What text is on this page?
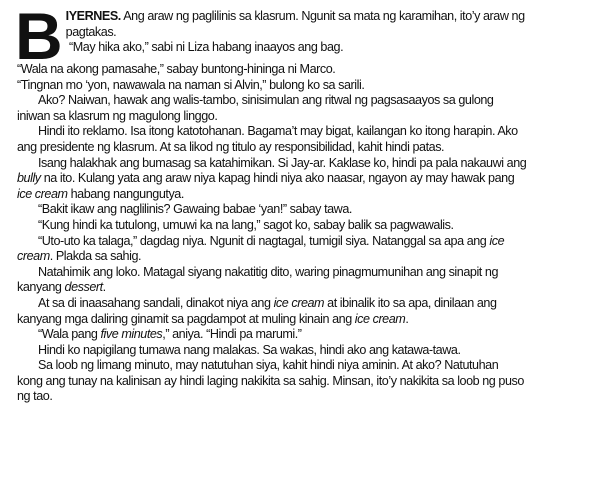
B IYERNES. Ang araw ng paglilinis sa klasrum. Ngunit sa mata ng karamihan, ito’y araw ng

pagtakas.

“May hika ako,” sabi ni Liza habang inaayos ang bag.

“Wala na akong pamasahe,” sabay buntong-hininga ni Marco.

“Tingnan mo ‘yon, nawawala na naman si Alvin,” bulong ko sa sarili.

Ako? Naiwan, hawak ang walis-tambo, sinisimulan ang ritwal ng pagsasaayos sa gulong

iniwan sa klasrum ng magulong linggo.

Hindi ito reklamo. Isa itong katotohanan. Bagama’t may bigat, kailangan ko itong harapin. Ako

ang presidente ng klasrum. At sa likod ng titulo ay responsibilidad, kahit hindi patas.

Isang halakhak ang bumasag sa katahimikan. Si Jay-ar. Kaklase ko, hindi pa pala nakauwi ang

bully na ito. Kulang yata ang araw niya kapag hindi niya ako naasar, ngayon ay may hawak pang

ice cream habang nangungutya.

“Bakit ikaw ang naglilinis? Gawaing babae ‘yan!” sabay tawa.

“Kung hindi ka tutulong, umuwi ka na lang,” sagot ko, sabay balik sa pagwawalis.

“Uto-uto ka talaga,” dagdag niya. Ngunit di nagtagal, tumigil siya. Natanggal sa apa ang ice

cream. Plakda sa sahig.

Natahimik ang loko. Matagal siyang nakatitig dito, waring pinagmumunihan ang sinapit ng

kanyang dessert.

At sa di inaasahang sandali, dinakot niya ang ice cream at ibinalik ito sa apa, dinilaan ang

kanyang mga daliring ginamit sa pagdampot at muling kinain ang ice cream.

“Wala pang five minutes,” aniya. “Hindi pa marumi.”

Hindi ko napigilang tumawa nang malakas. Sa wakas, hindi ako ang katawa-tawa.

Sa loob ng limang minuto, may natutuhan siya, kahit hindi niya aminin. At ako? Natutuhan

kong ang tunay na kalinisan ay hindi laging nakikita sa sahig. Minsan, ito’y nakikita sa loob ng puso

ng tao.
